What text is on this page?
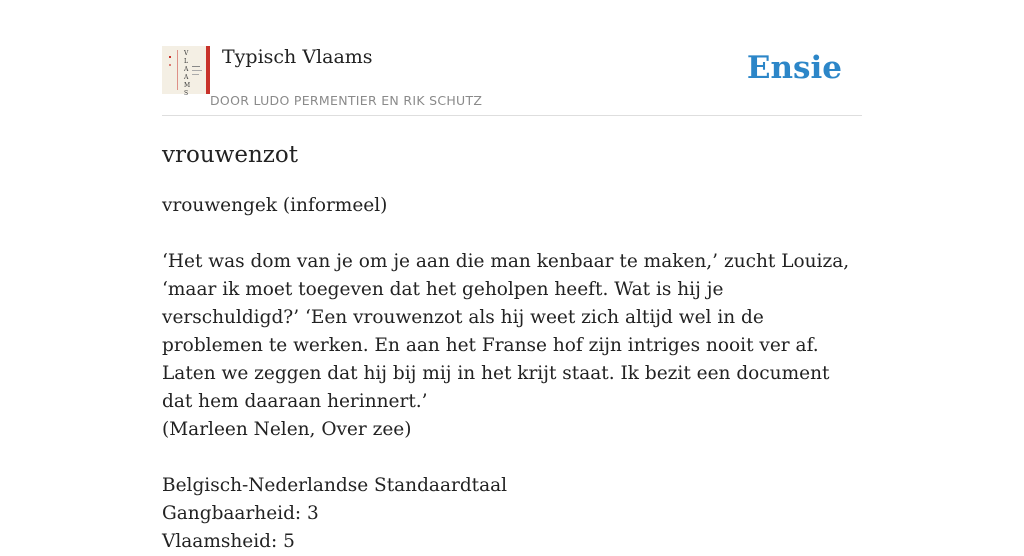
V
L
A
A
M
S
Typisch Vlaams
DOOR LUDO PERMENTIER EN RIK SCHUTZ
Ensie
vrouwenzot

vrouwengek (informeel)

‘Het was dom van je om je aan die man kenbaar te maken,’ zucht Louiza, ‘maar ik moet toegeven dat het geholpen heeft. Wat is hij je verschuldigd?’ ‘Een vrouwenzot als hij weet zich altijd wel in de problemen te werken. En aan het Franse hof zijn intriges nooit ver af. Laten we zeggen dat hij bij mij in het krijt staat. Ik bezit een document dat hem daaraan herinnert.’

(Marleen Nelen, Over zee)

Belgisch-Nederlandse Standaardtaal

Gangbaarheid: 3

Vlaamsheid: 5
